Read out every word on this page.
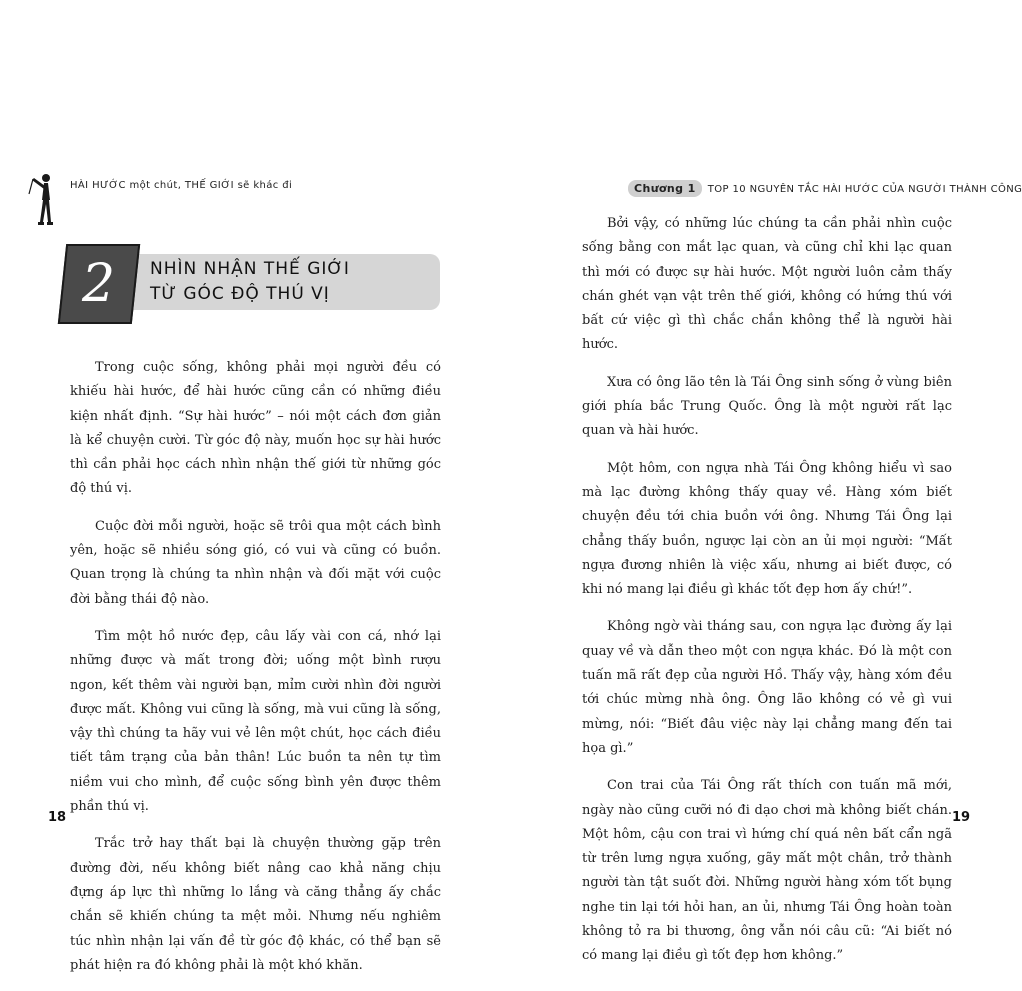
HÀI HƯỚC một chút, THẾ GIỚI sẽ khác đi
2 NHÌN NHẬN THẾ GIỚI
TỪ GÓC ĐỘ THÚ VỊ

Trong cuộc sống, không phải mọi người đều có khiếu hài hước, để hài hước cũng cần có những điều kiện nhất định. “Sự hài hước” – nói một cách đơn giản là kể chuyện cười. Từ góc độ này, muốn học sự hài hước thì cần phải học cách nhìn nhận thế giới từ những góc độ thú vị.

Cuộc đời mỗi người, hoặc sẽ trôi qua một cách bình yên, hoặc sẽ nhiều sóng gió, có vui và cũng có buồn. Quan trọng là chúng ta nhìn nhận và đối mặt với cuộc đời bằng thái độ nào.

Tìm một hồ nước đẹp, câu lấy vài con cá, nhớ lại những được và mất trong đời; uống một bình rượu ngon, kết thêm vài người bạn, mỉm cười nhìn đời người được mất. Không vui cũng là sống, mà vui cũng là sống, vậy thì chúng ta hãy vui vẻ lên một chút, học cách điều tiết tâm trạng của bản thân! Lúc buồn ta nên tự tìm niềm vui cho mình, để cuộc sống bình yên được thêm phần thú vị.

Trắc trở hay thất bại là chuyện thường gặp trên đường đời, nếu không biết nâng cao khả năng chịu đựng áp lực thì những lo lắng và căng thẳng ấy chắc chắn sẽ khiến chúng ta mệt mỏi. Nhưng nếu nghiêm túc nhìn nhận lại vấn đề từ góc độ khác, có thể bạn sẽ phát hiện ra đó không phải là một khó khăn.

18
Chương 1 TOP 10 NGUYÊN TẮC HÀI HƯỚC CỦA NGƯỜI THÀNH CÔNG

Bởi vậy, có những lúc chúng ta cần phải nhìn cuộc sống bằng con mắt lạc quan, và cũng chỉ khi lạc quan thì mới có được sự hài hước. Một người luôn cảm thấy chán ghét vạn vật trên thế giới, không có hứng thú với bất cứ việc gì thì chắc chắn không thể là người hài hước.

Xưa có ông lão tên là Tái Ông sinh sống ở vùng biên giới phía bắc Trung Quốc. Ông là một người rất lạc quan và hài hước.

Một hôm, con ngựa nhà Tái Ông không hiểu vì sao mà lạc đường không thấy quay về. Hàng xóm biết chuyện đều tới chia buồn với ông. Nhưng Tái Ông lại chẳng thấy buồn, ngược lại còn an ủi mọi người: “Mất ngựa đương nhiên là việc xấu, nhưng ai biết được, có khi nó mang lại điều gì khác tốt đẹp hơn ấy chứ!”.

Không ngờ vài tháng sau, con ngựa lạc đường ấy lại quay về và dẫn theo một con ngựa khác. Đó là một con tuấn mã rất đẹp của người Hồ. Thấy vậy, hàng xóm đều tới chúc mừng nhà ông. Ông lão không có vẻ gì vui mừng, nói: “Biết đâu việc này lại chẳng mang đến tai họa gì.”

Con trai của Tái Ông rất thích con tuấn mã mới, ngày nào cũng cưỡi nó đi dạo chơi mà không biết chán. Một hôm, cậu con trai vì hứng chí quá nên bất cẩn ngã từ trên lưng ngựa xuống, gãy mất một chân, trở thành người tàn tật suốt đời. Những người hàng xóm tốt bụng nghe tin lại tới hỏi han, an ủi, nhưng Tái Ông hoàn toàn không tỏ ra bi thương, ông vẫn nói câu cũ: “Ai biết nó có mang lại điều gì tốt đẹp hơn không.”

19
